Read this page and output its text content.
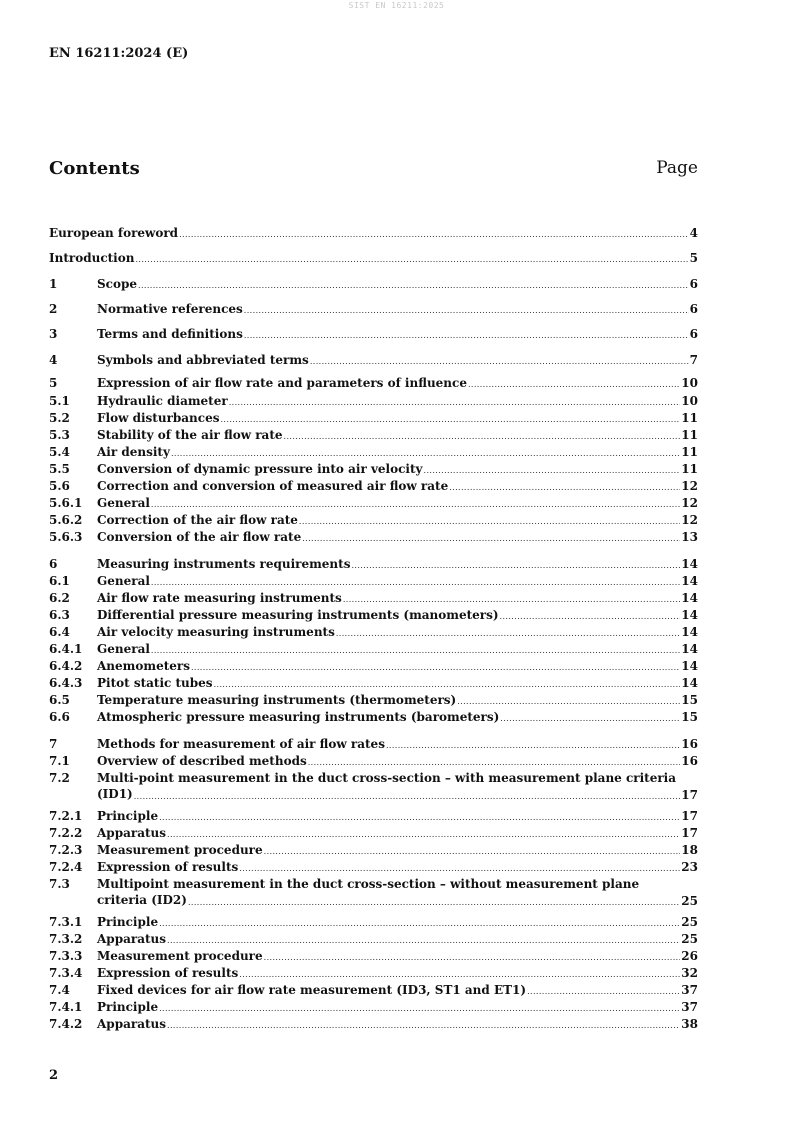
SIST EN 16211:2025
EN 16211:2024 (E)
Contents	Page
European foreword .....	4
Introduction .....	5
1	Scope .....	6
2	Normative references .....	6
3	Terms and definitions .....	6
4	Symbols and abbreviated terms .....	7
5	Expression of air flow rate and parameters of influence .....	10
5.1 Hydraulic diameter .....	10
5.2 Flow disturbances .....	11
5.3 Stability of the air flow rate .....	11
5.4 Air density .....	11
5.5 Conversion of dynamic pressure into air velocity .....	11
5.6 Correction and conversion of measured air flow rate .....	12
5.6.1 General .....	12
5.6.2 Correction of the air flow rate .....	12
5.6.3 Conversion of the air flow rate .....	13
6	Measuring instruments requirements .....	14
6.1 General .....	14
6.2 Air flow rate measuring instruments .....	14
6.3 Differential pressure measuring instruments (manometers) .....	14
6.4 Air velocity measuring instruments .....	14
6.4.1 General .....	14
6.4.2 Anemometers .....	14
6.4.3 Pitot static tubes .....	14
6.5 Temperature measuring instruments (thermometers) .....	15
6.6 Atmospheric pressure measuring instruments (barometers) .....	15
7	Methods for measurement of air flow rates .....	16
7.1 Overview of described methods .....	16
7.2 Multi-point measurement in the duct cross-section – with measurement plane criteria (ID1) .....	17
7.2.1 Principle .....	17
7.2.2 Apparatus .....	17
7.2.3 Measurement procedure .....	18
7.2.4 Expression of results .....	23
7.3 Multipoint measurement in the duct cross-section – without measurement plane criteria (ID2) .....	25
7.3.1 Principle .....	25
7.3.2 Apparatus .....	25
7.3.3 Measurement procedure .....	26
7.3.4 Expression of results .....	32
7.4 Fixed devices for air flow rate measurement (ID3, ST1 and ET1) .....	37
7.4.1 Principle .....	37
7.4.2 Apparatus .....	38
2
